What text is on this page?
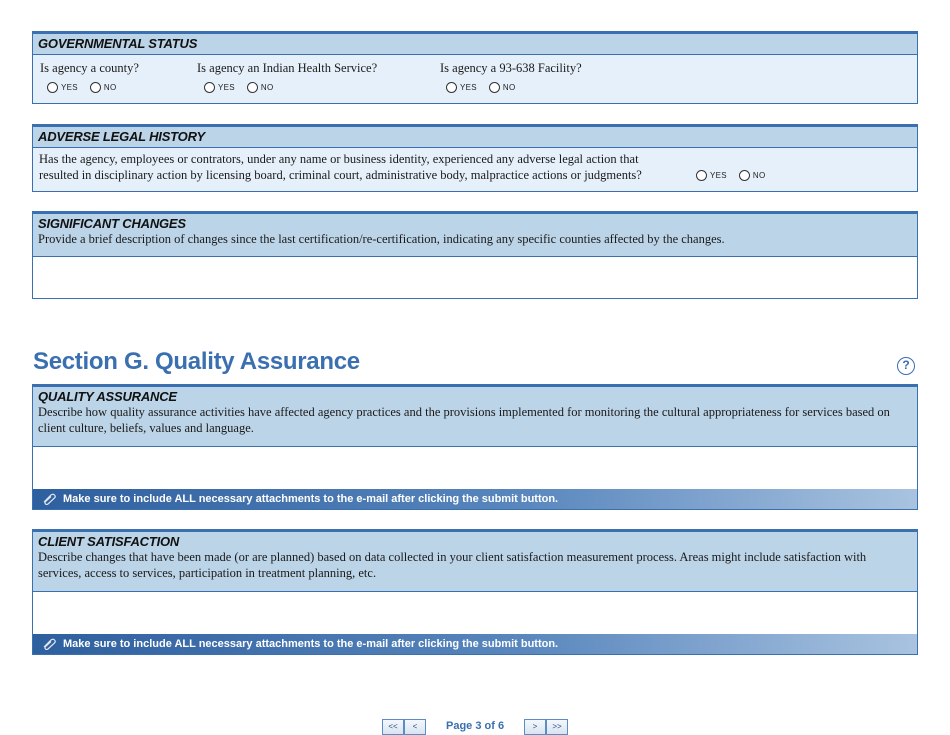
GOVERNMENTAL STATUS
Is agency a county?
YES	NO
Is agency an Indian Health Service?
YES	NO
Is agency a 93-638 Facility?
YES	NO
ADVERSE LEGAL HISTORY
Has the agency, employees or contrators, under any name or business identity, experienced any adverse legal action that
resulted in disciplinary action by licensing board, criminal court, administrative body, malpractice actions or judgments?	YES	NO
SIGNIFICANT CHANGES
Provide a brief description of changes since the last certification/re-certification, indicating any specific counties affected by the changes.
Section G. Quality Assurance	?
QUALITY ASSURANCE
Describe how quality assurance activities have affected agency practices and the provisions implemented for monitoring the cultural appropriateness for services based on client culture, beliefs, values and language.
Make sure to include ALL necessary attachments to the e-mail after clicking the submit button.
CLIENT SATISFACTION
Describe changes that have been made (or are planned) based on data collected in your client satisfaction measurement process. Areas might include satisfaction with services, access to services, participation in treatment planning, etc.
Make sure to include ALL necessary attachments to the e-mail after clicking the submit button.
<<	<	Page 3 of 6	>	>>
